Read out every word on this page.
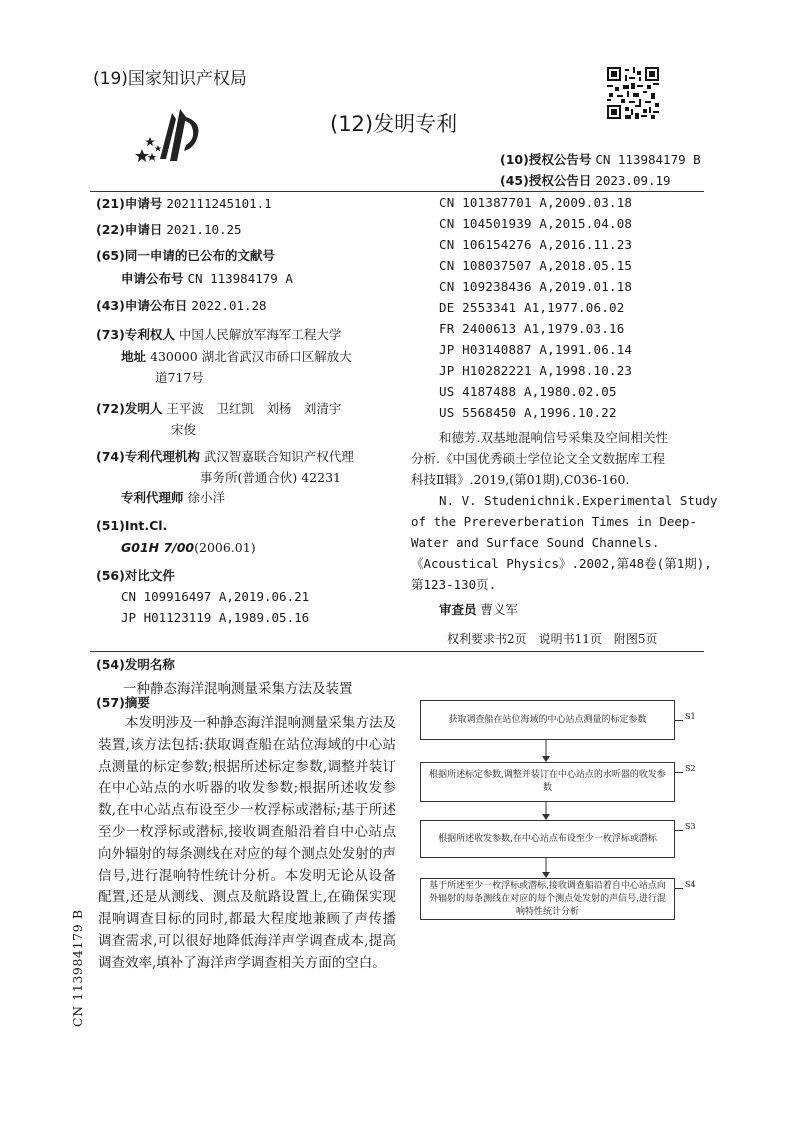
(19)国家知识产权局
(12)发明专利
(10)授权公告号 CN 113984179 B
(45)授权公告日 2023.09.19
(21)申请号 202111245101.1
(22)申请日 2021.10.25
(65)同一申请的已公布的文献号
申请公布号 CN 113984179 A
(43)申请公布日 2022.01.28
(73)专利权人 中国人民解放军海军工程大学
地址 430000 湖北省武汉市硚口区解放大
道717号
(72)发明人 王平波　卫红凯　刘杨　刘清宇
宋俊
(74)专利代理机构 武汉智嘉联合知识产权代理
事务所(普通合伙) 42231
专利代理师 徐小洋
(51)Int.Cl.
G01H 7/00(2006.01)
(56)对比文件
CN 109916497 A,2019.06.21
JP H01123119 A,1989.05.16
CN 101387701 A,2009.03.18
CN 104501939 A,2015.04.08
CN 106154276 A,2016.11.23
CN 108037507 A,2018.05.15
CN 109238436 A,2019.01.18
DE 2553341 A1,1977.06.02
FR 2400613 A1,1979.03.16
JP H03140887 A,1991.06.14
JP H10282221 A,1998.10.23
US 4187488 A,1980.02.05
US 5568450 A,1996.10.22
和德芳.双基地混响信号采集及空间相关性
分析.《中国优秀硕士学位论文全文数据库工程
科技Ⅱ辑》.2019,(第01期),C036-160.
N. V. Studenichnik.Experimental Study
of the Prereverberation Times in Deep-
Water and Surface Sound Channels.
《Acoustical Physics》.2002,第48卷(第1期),
第123-130页.
审查员 曹义军
权利要求书2页　说明书11页　附图5页
(54)发明名称
一种静态海洋混响测量采集方法及装置
(57)摘要
本发明涉及一种静态海洋混响测量采集方法及装置,该方法包括:获取调查船在站位海域的中心站点测量的标定参数;根据所述标定参数,调整并装订在中心站点的水听器的收发参数;根据所述收发参数,在中心站点布设至少一枚浮标或潜标;基于所述至少一枚浮标或潜标,接收调查船沿着自中心站点向外辐射的每条测线在对应的每个测点处发射的声信号,进行混响特性统计分析。本发明无论从设备配置,还是从测线、测点及航路设置上,在确保实现混响调查目标的同时,都最大程度地兼顾了声传播调查需求,可以很好地降低海洋声学调查成本,提高调查效率,填补了海洋声学调查相关方面的空白。
CN 113984179 B
获取调查船在站位海域的中心站点测量的标定参数	S1
根据所述标定参数,调整并装订在中心站点的水听器的收发参数
S2
根据所述收发参数,在中心站点布设至少一枚浮标或潜标
S3
基于所述至少一枚浮标或潜标,接收调查船沿着自中心站点向外辐射的每条测线在对应的每个测点处发射的声信号,进行混响特性统计分析
S4
